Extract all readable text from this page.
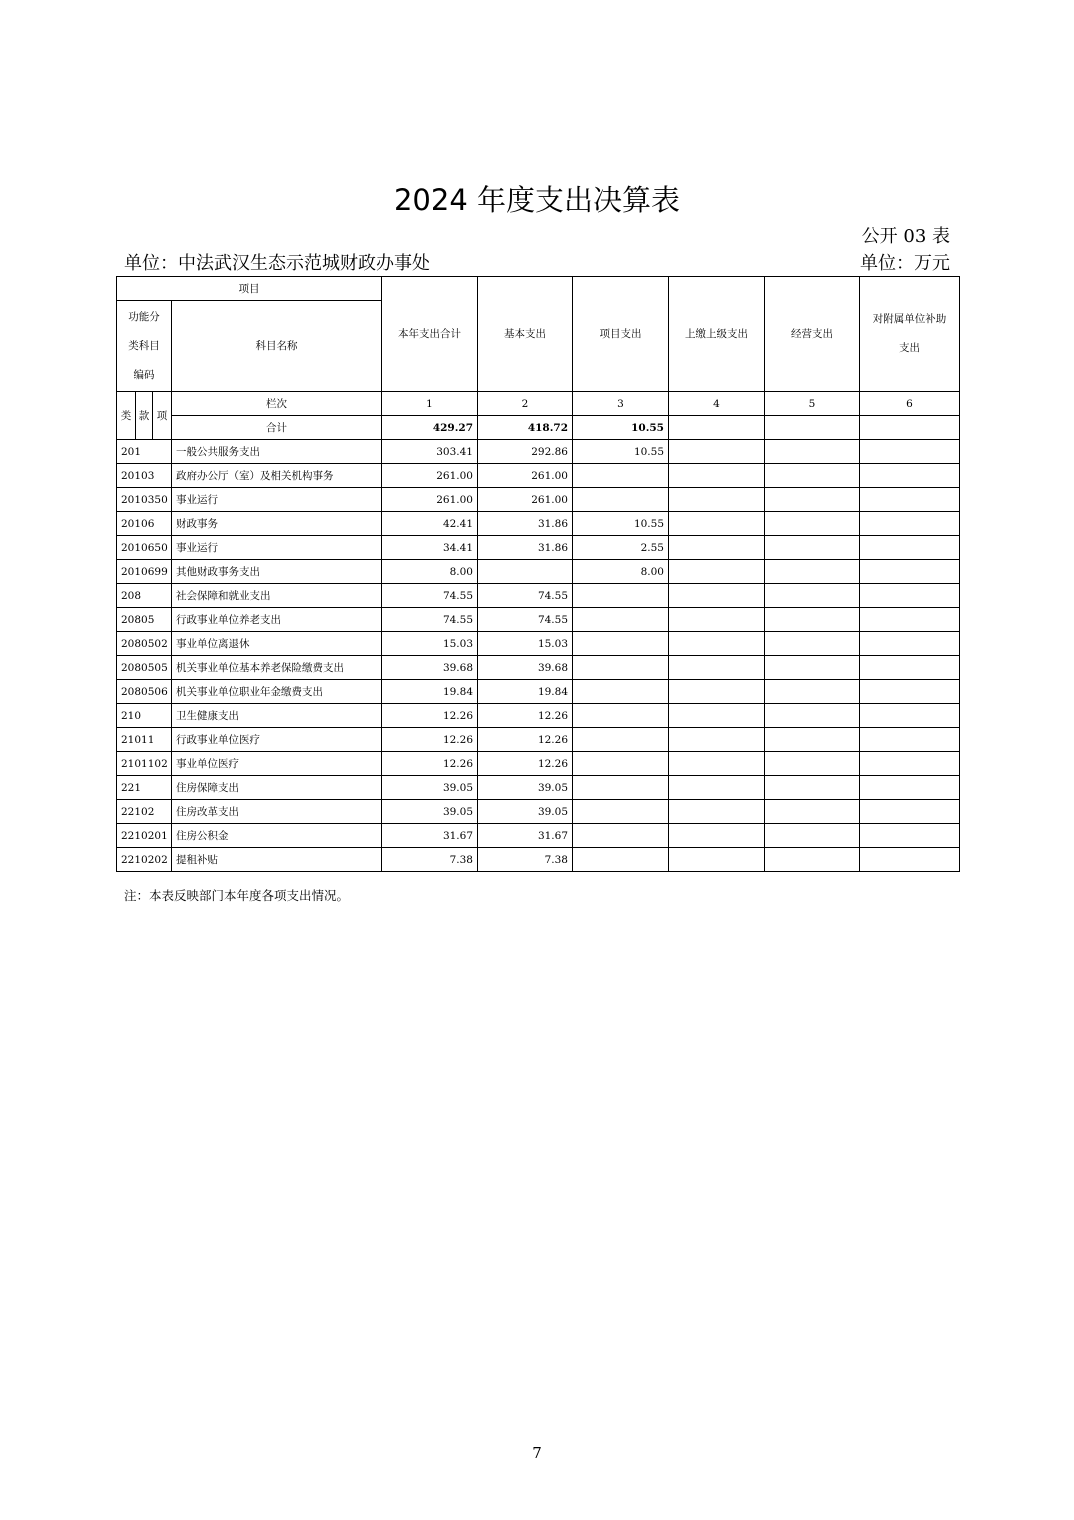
2024 年度支出决算表
公开 03 表
单位：中法武汉生态示范城财政办事处	单位：万元
项目				本年支出合计	基本支出	项目支出	上缴上级支出	经营支出	对附属单位补助
支出

功能分
类科目
编码			科目名称						
类	款	项	栏次	1	2	3	4	5	6
			合计	429.27	418.72	10.55			
201			一般公共服务支出	303.41	292.86	10.55			
20103			政府办公厅（室）及相关机构事务	261.00	261.00				
2010350			事业运行	261.00	261.00				
20106			财政事务	42.41	31.86	10.55			
2010650			事业运行	34.41	31.86	2.55			
2010699			其他财政事务支出	8.00		8.00			
208			社会保障和就业支出	74.55	74.55				
20805			行政事业单位养老支出	74.55	74.55				
2080502			事业单位离退休	15.03	15.03				
2080505			机关事业单位基本养老保险缴费支出	39.68	39.68				
2080506			机关事业单位职业年金缴费支出	19.84	19.84				
210			卫生健康支出	12.26	12.26				
21011			行政事业单位医疗	12.26	12.26				
2101102			事业单位医疗	12.26	12.26				
221			住房保障支出	39.05	39.05				
22102			住房改革支出	39.05	39.05				
2210201			住房公积金	31.67	31.67				
2210202			提租补贴	7.38	7.38				
注：本表反映部门本年度各项支出情况。
7
